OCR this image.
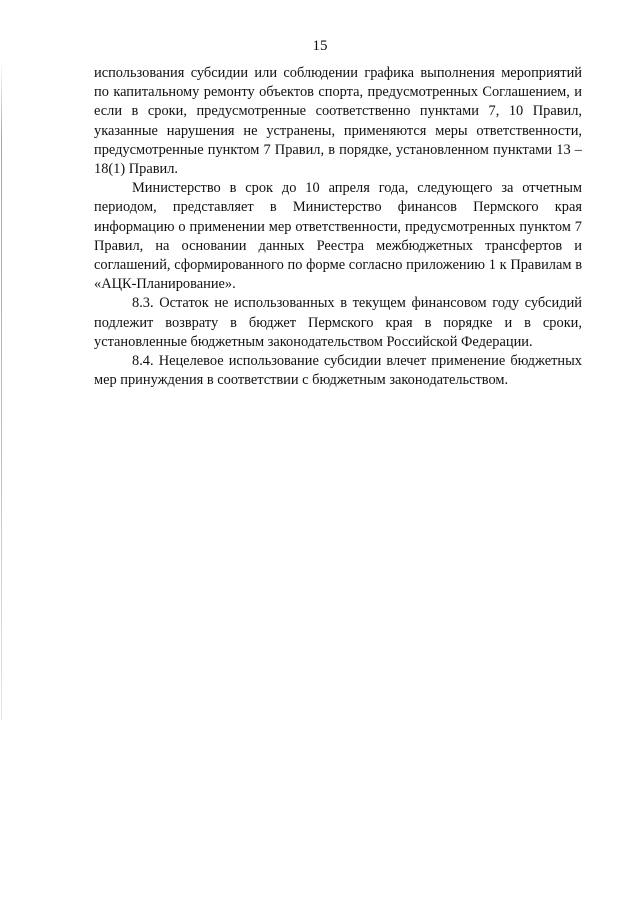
15

использования субсидии или соблюдении графика выполнения мероприятий по капитальному ремонту объектов спорта, предусмотренных Соглашением, и если в сроки, предусмотренные соответственно пунктами 7, 10 Правил, указанные нарушения не устранены, применяются меры ответственности, предусмотренные пунктом 7 Правил, в порядке, установленном пунктами 13 – 18(1) Правил.

Министерство в срок до 10 апреля года, следующего за отчетным периодом, представляет в Министерство финансов Пермского края информацию о применении мер ответственности, предусмотренных пунктом 7 Правил, на основании данных Реестра межбюджетных трансфертов и соглашений, сформированного по форме согласно приложению 1 к Правилам в «АЦК-Планирование».

8.3. Остаток не использованных в текущем финансовом году субсидий подлежит возврату в бюджет Пермского края в порядке и в сроки, установленные бюджетным законодательством Российской Федерации.

8.4. Нецелевое использование субсидии влечет применение бюджетных мер принуждения в соответствии с бюджетным законодательством.
